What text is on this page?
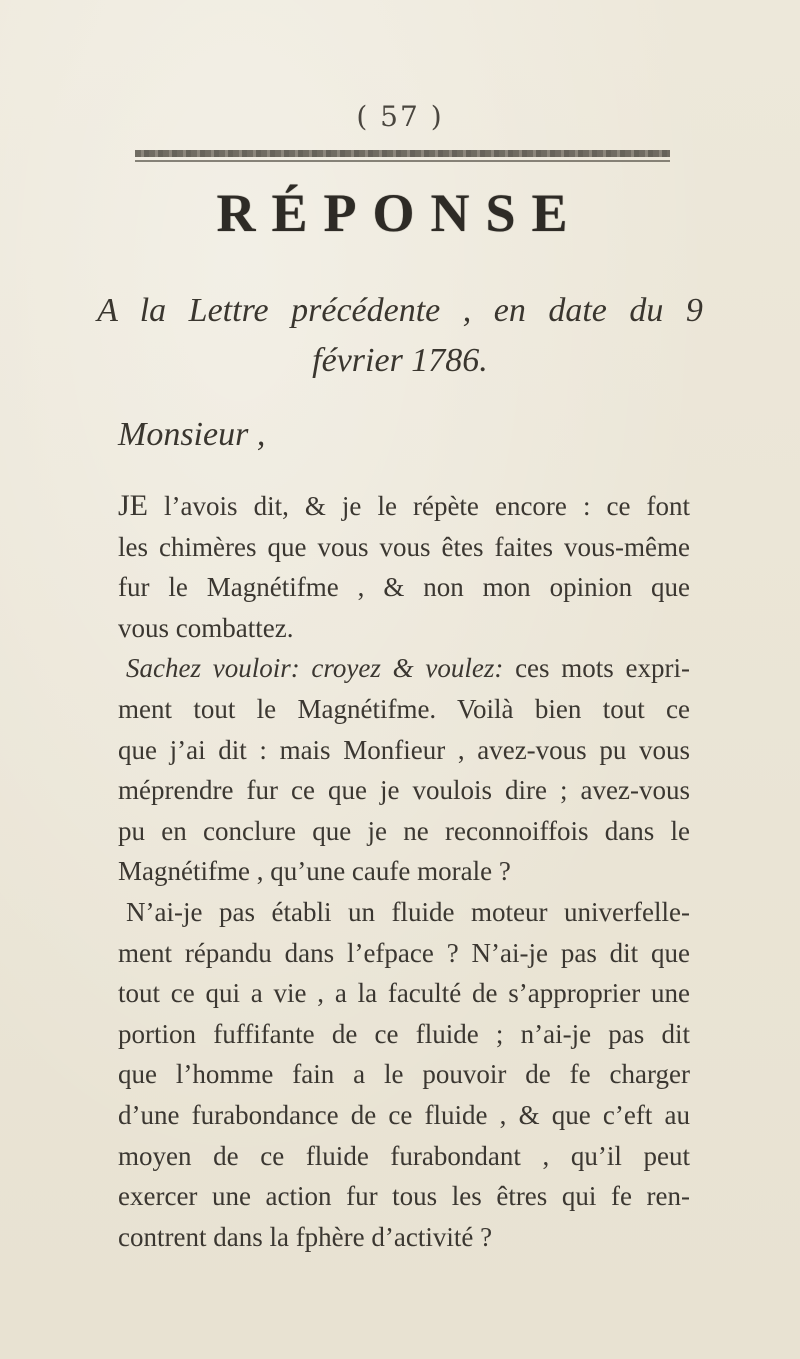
( 57 )
RÉPONSE
A la Lettre précédente , en date du 9
février 1786.
Monsieur ,
JE l’avois dit, & je le répète encore : ce font
les chimères que vous vous êtes faites vous-même
fur le Magnétifme , & non mon opinion que
vous combattez.
Sachez vouloir: croyez & voulez: ces mots expri-
ment tout le Magnétifme. Voilà bien tout ce
que j’ai dit : mais Monfieur , avez-vous pu vous
méprendre fur ce que je voulois dire ; avez-vous
pu en conclure que je ne reconnoiffois dans le
Magnétifme , qu’une caufe morale ?
N’ai-je pas établi un fluide moteur univerfelle-
ment répandu dans l’efpace ? N’ai-je pas dit que
tout ce qui a vie , a la faculté de s’approprier une
portion fuffifante de ce fluide ; n’ai-je pas dit
que l’homme fain a le pouvoir de fe charger
d’une furabondance de ce fluide , & que c’eft au
moyen de ce fluide furabondant , qu’il peut
exercer une action fur tous les êtres qui fe ren-
contrent dans la fphère d’activité ?
